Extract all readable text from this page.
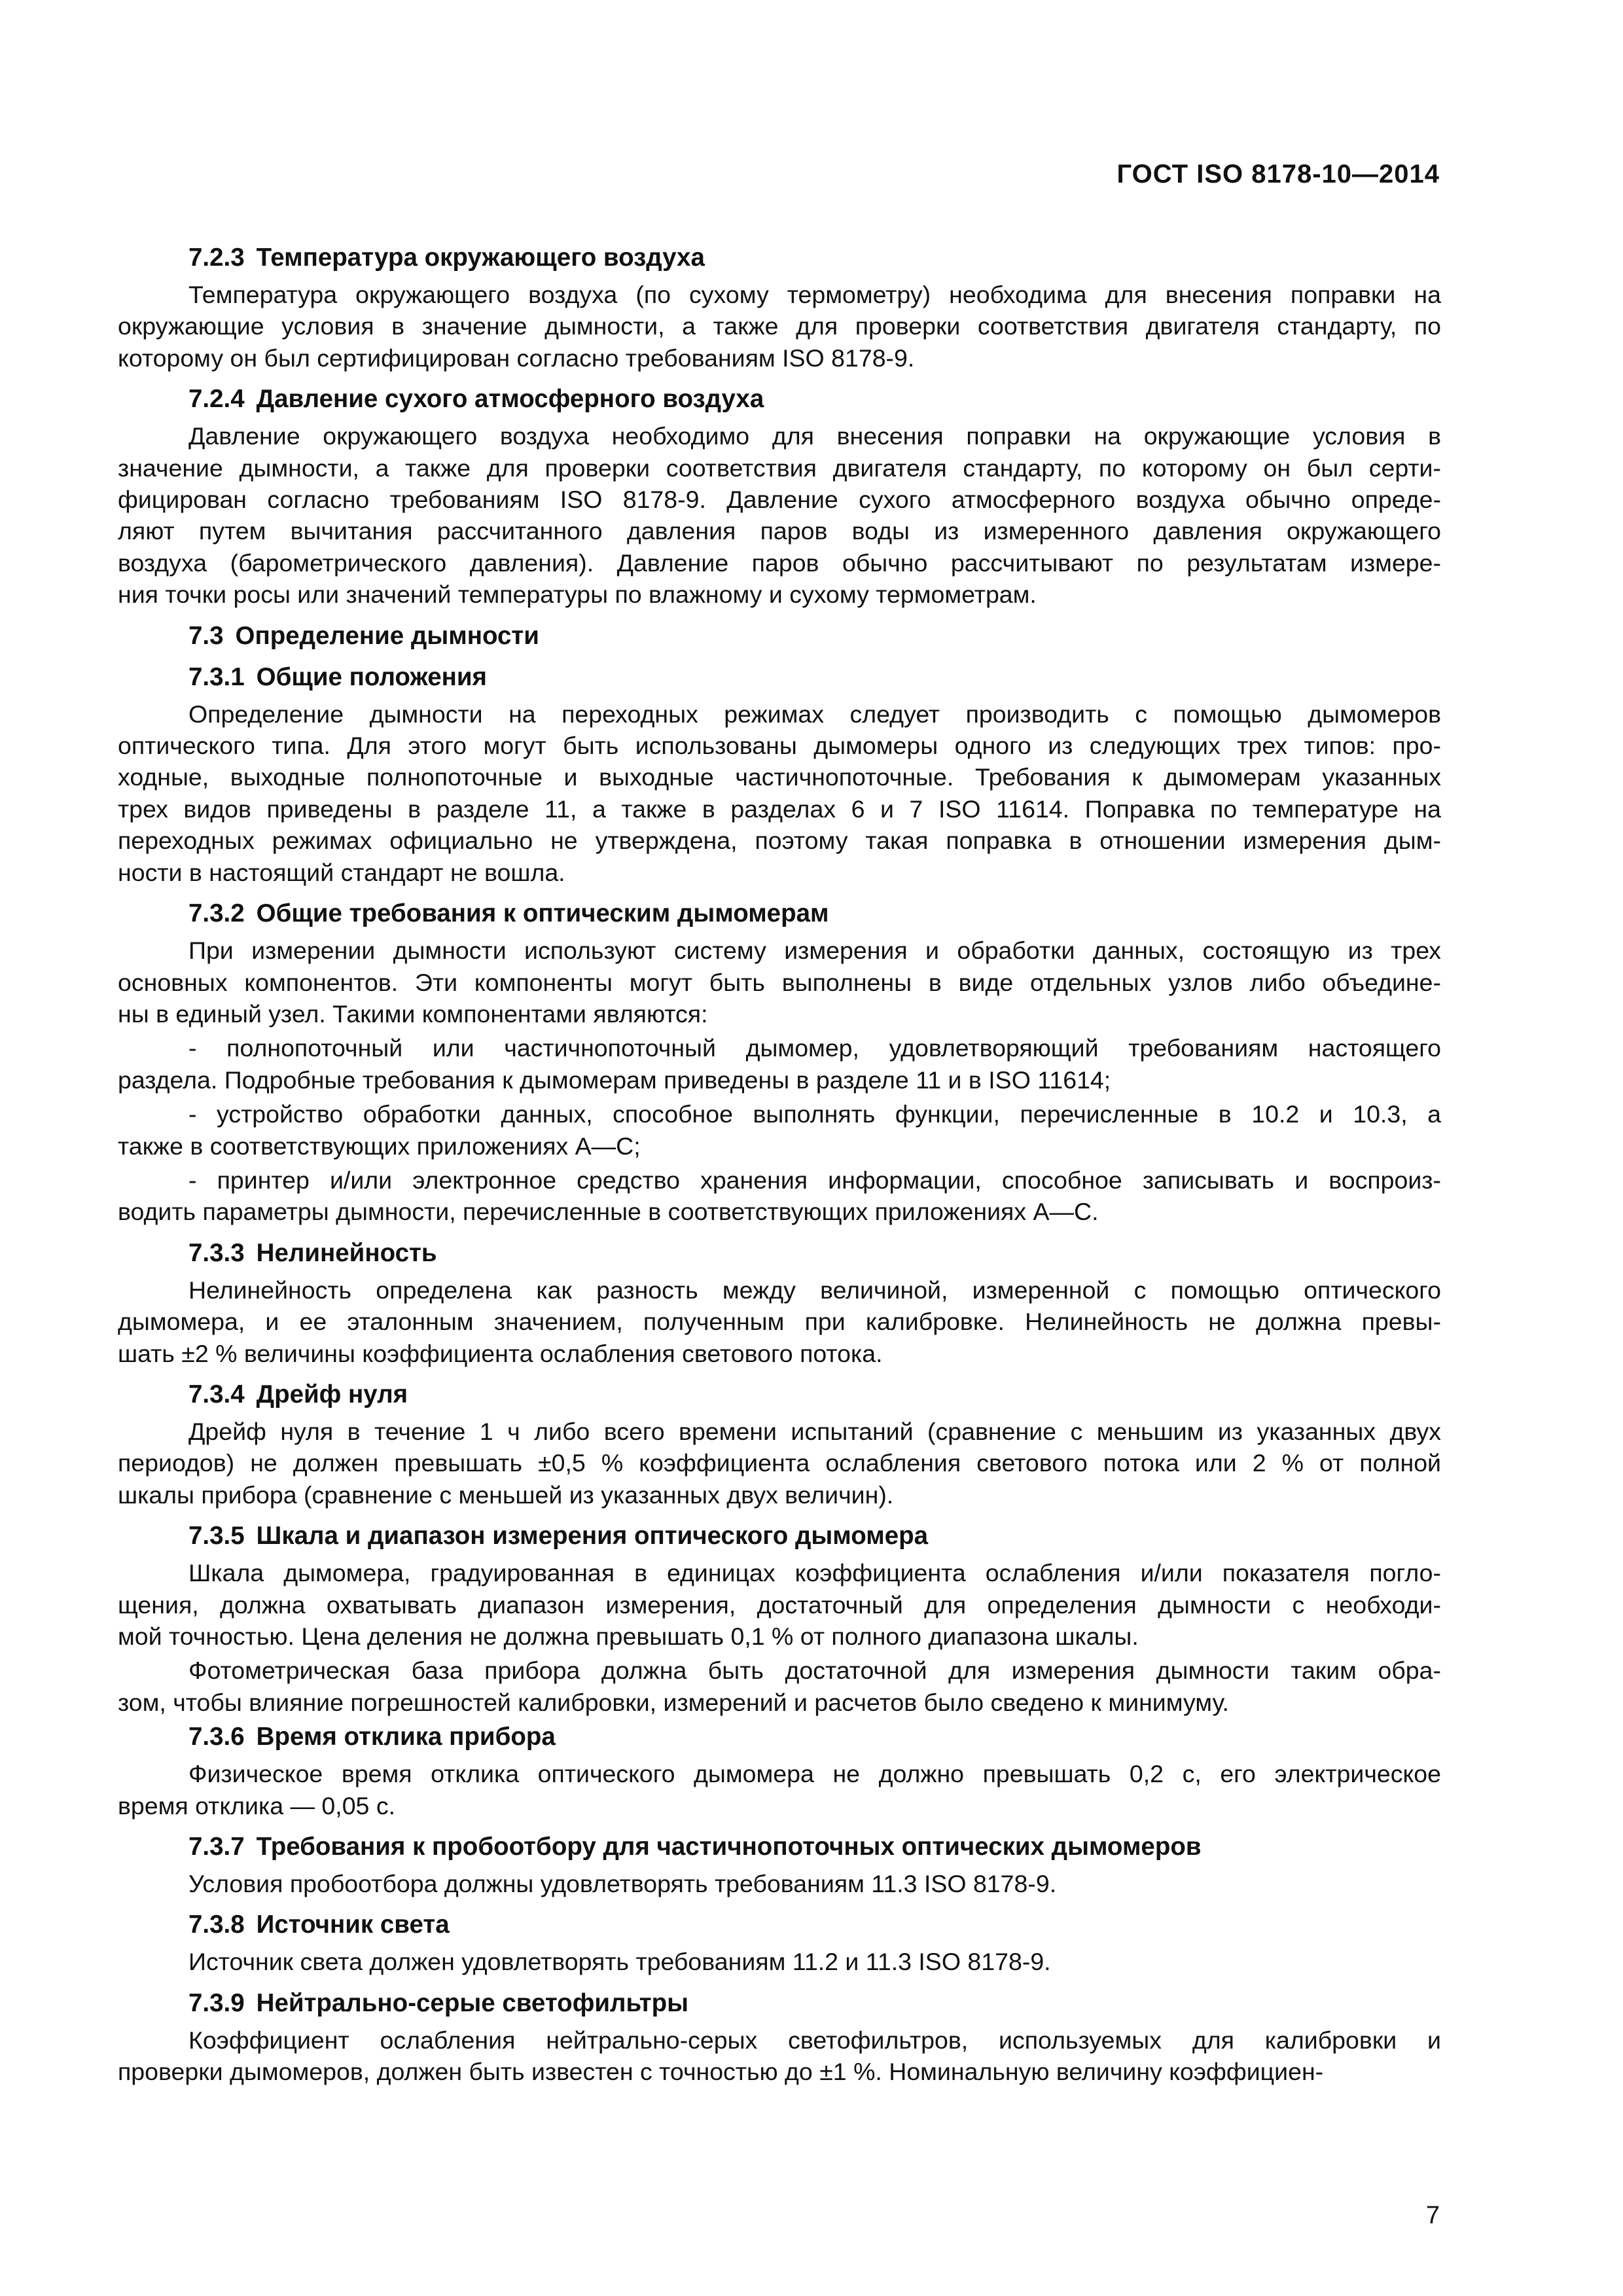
ГОСТ ISO 8178-10—2014
7.2.3 Температура окружающего воздуха
Температура окружающего воздуха (по сухому термометру) необходима для внесения поправки на
окружающие условия в значение дымности, а также для проверки соответствия двигателя стандарту, по
которому он был сертифицирован согласно требованиям ISO 8178-9.
7.2.4 Давление сухого атмосферного воздуха
Давление окружающего воздуха необходимо для внесения поправки на окружающие условия в
значение дымности, а также для проверки соответствия двигателя стандарту, по которому он был серти-
фицирован согласно требованиям ISO 8178-9. Давление сухого атмосферного воздуха обычно опреде-
ляют путем вычитания рассчитанного давления паров воды из измеренного давления окружающего
воздуха (барометрического давления). Давление паров обычно рассчитывают по результатам измере-
ния точки росы или значений температуры по влажному и сухому термометрам.
7.3 Определение дымности
7.3.1 Общие положения
Определение дымности на переходных режимах следует производить с помощью дымомеров
оптического типа. Для этого могут быть использованы дымомеры одного из следующих трех типов: про-
ходные, выходные полнопоточные и выходные частичнопоточные. Требования к дымомерам указанных
трех видов приведены в разделе 11, а также в разделах 6 и 7 ISO 11614. Поправка по температуре на
переходных режимах официально не утверждена, поэтому такая поправка в отношении измерения дым-
ности в настоящий стандарт не вошла.
7.3.2 Общие требования к оптическим дымомерам
При измерении дымности используют систему измерения и обработки данных, состоящую из трех
основных компонентов. Эти компоненты могут быть выполнены в виде отдельных узлов либо объедине-
ны в единый узел. Такими компонентами являются:
- полнопоточный или частичнопоточный дымомер, удовлетворяющий требованиям настоящего
раздела. Подробные требования к дымомерам приведены в разделе 11 и в ISO 11614;
- устройство обработки данных, способное выполнять функции, перечисленные в 10.2 и 10.3, а
также в соответствующих приложениях А—С;
- принтер и/или электронное средство хранения информации, способное записывать и воспроиз-
водить параметры дымности, перечисленные в соответствующих приложениях А—С.
7.3.3 Нелинейность
Нелинейность определена как разность между величиной, измеренной с помощью оптического
дымомера, и ее эталонным значением, полученным при калибровке. Нелинейность не должна превы-
шать ±2 % величины коэффициента ослабления светового потока.
7.3.4 Дрейф нуля
Дрейф нуля в течение 1 ч либо всего времени испытаний (сравнение с меньшим из указанных двух
периодов) не должен превышать ±0,5 % коэффициента ослабления светового потока или 2 % от полной
шкалы прибора (сравнение с меньшей из указанных двух величин).
7.3.5 Шкала и диапазон измерения оптического дымомера
Шкала дымомера, градуированная в единицах коэффициента ослабления и/или показателя погло-
щения, должна охватывать диапазон измерения, достаточный для определения дымности с необходи-
мой точностью. Цена деления не должна превышать 0,1 % от полного диапазона шкалы.
Фотометрическая база прибора должна быть достаточной для измерения дымности таким обра-
зом, чтобы влияние погрешностей калибровки, измерений и расчетов было сведено к минимуму.
7.3.6 Время отклика прибора
Физическое время отклика оптического дымомера не должно превышать 0,2 с, его электрическое
время отклика — 0,05 с.
7.3.7 Требования к пробоотбору для частичнопоточных оптических дымомеров
Условия пробоотбора должны удовлетворять требованиям 11.3 ISO 8178-9.
7.3.8 Источник света
Источник света должен удовлетворять требованиям 11.2 и 11.3 ISO 8178-9.
7.3.9 Нейтрально-серые светофильтры
Коэффициент ослабления нейтрально-серых светофильтров, используемых для калибровки и
проверки дымомеров, должен быть известен с точностью до ±1 %. Номинальную величину коэффициен-
7
